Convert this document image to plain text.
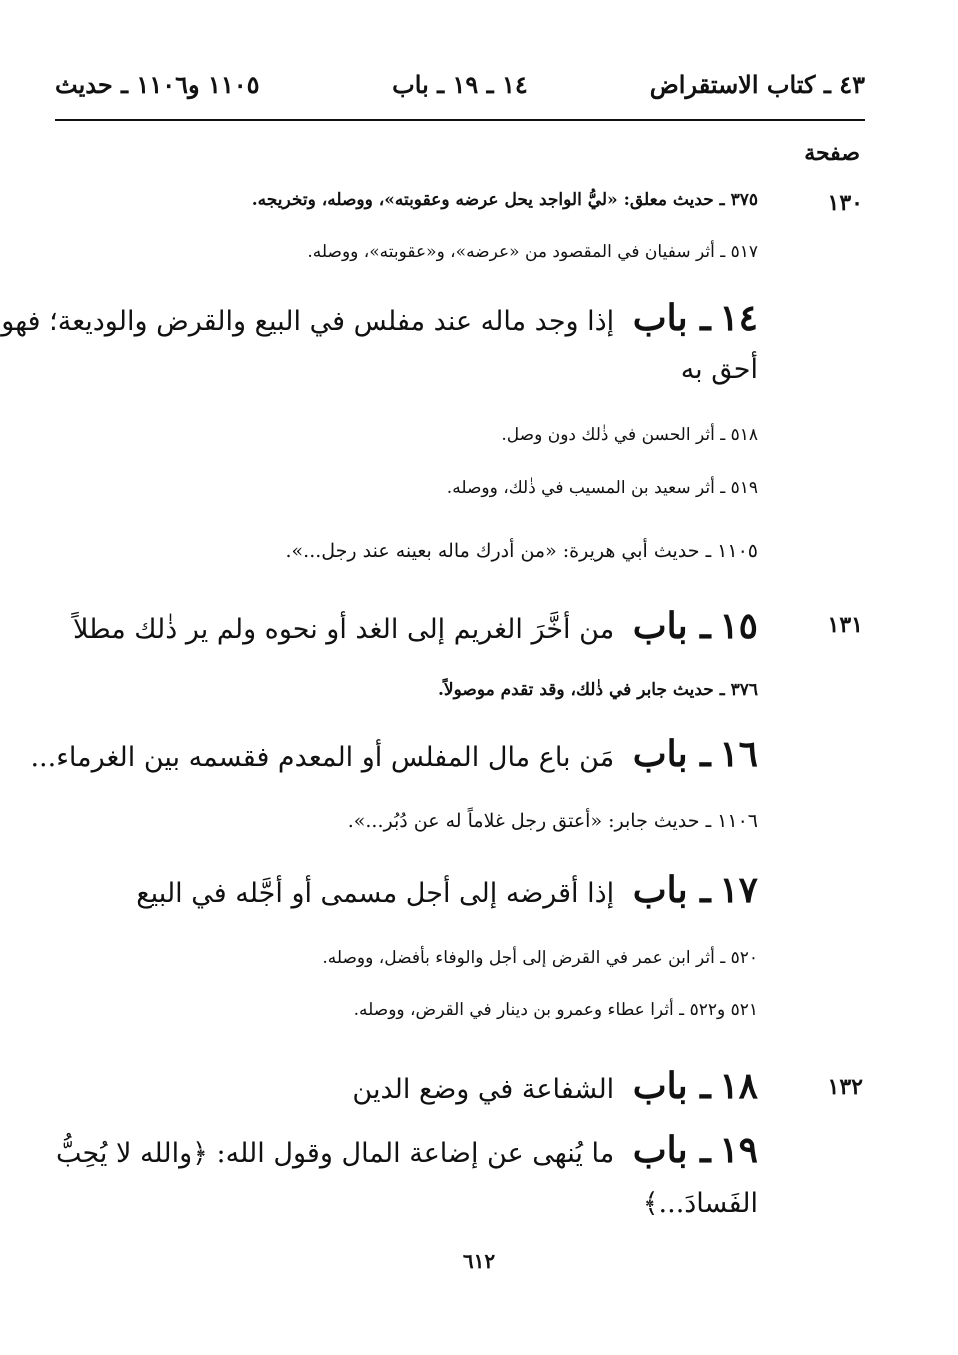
٤٣ ـ كتاب الاستقراض
١٤ ـ ١٩ ـ باب
١١٠٥ و١١٠٦ ـ حديث
صفحة
١٣٠
٣٧٥ ـ حديث معلق: «ليُّ الواجد يحل عرضه وعقوبته»، ووصله، وتخريجه.
٥١٧ ـ أثر سفيان في المقصود من «عرضه»، و«عقوبته»، ووصله.
١٤ ـ باب إذا وجد ماله عند مفلس في البيع والقرض والوديعة؛ فهو
أحق به
٥١٨ ـ أثر الحسن في ذٰلك دون وصل.
٥١٩ ـ أثر سعيد بن المسيب في ذٰلك، ووصله.
١١٠٥ ـ حديث أبي هريرة: «من أدرك ماله بعينه عند رجل...».
١٣١
١٥ ـ باب من أخَّرَ الغريم إلى الغد أو نحوه ولم ير ذٰلك مطلاً
٣٧٦ ـ حديث جابر في ذٰلك، وقد تقدم موصولاً.
١٦ ـ باب مَن باع مال المفلس أو المعدم فقسمه بين الغرماء...
١١٠٦ ـ حديث جابر: «أعتق رجل غلاماً له عن دُبُر...».
١٧ ـ باب إذا أقرضه إلى أجل مسمى أو أجَّله في البيع
٥٢٠ ـ أثر ابن عمر في القرض إلى أجل والوفاء بأفضل، ووصله.
٥٢١ و٥٢٢ ـ أثرا عطاء وعمرو بن دينار في القرض، ووصله.
١٣٢
١٨ ـ باب الشفاعة في وضع الدين
١٩ ـ باب ما يُنهى عن إضاعة المال وقول الله: ﴿والله لا يُحِبُّ
الفَسادَ...﴾
٦١٢
